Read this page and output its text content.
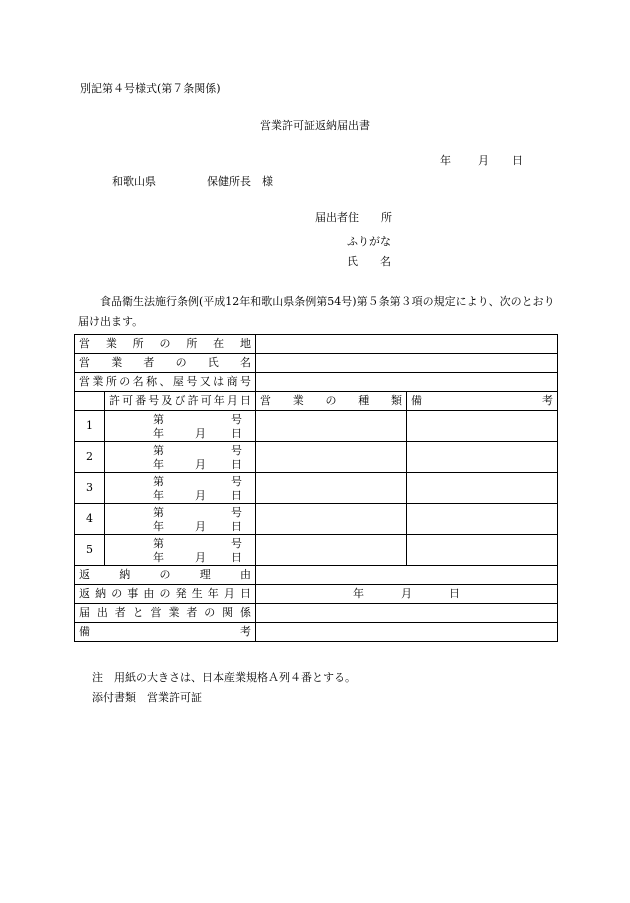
別記第４号様式(第７条関係)
営業許可証返納届出書
年 月 日
和歌山県	保健所長　 様
届出者住　　所
ふりがな
氏　　名
食品衛生法施行条例(平成12年和歌山県条例第54号)第５条第３項の規定により、次のとおり届け出ます。
営業所の所在地			
営業者の氏名			
営業所の名称、屋号又は商号			
	許可番号及び許可年月日	営業の種類	備考
1	第 号
年 月 日		

2	第 号
年 月 日		

3	第 号
年 月 日		

4	第 号
年 月 日		

5	第 号
年 月 日		

返納の理由			
返納の事由の発生年月日		年 月 日	

届出者と営業者の関係			
備考			
注　用紙の大きさは、日本産業規格Ａ列４番とする。
添付書類　営業許可証
